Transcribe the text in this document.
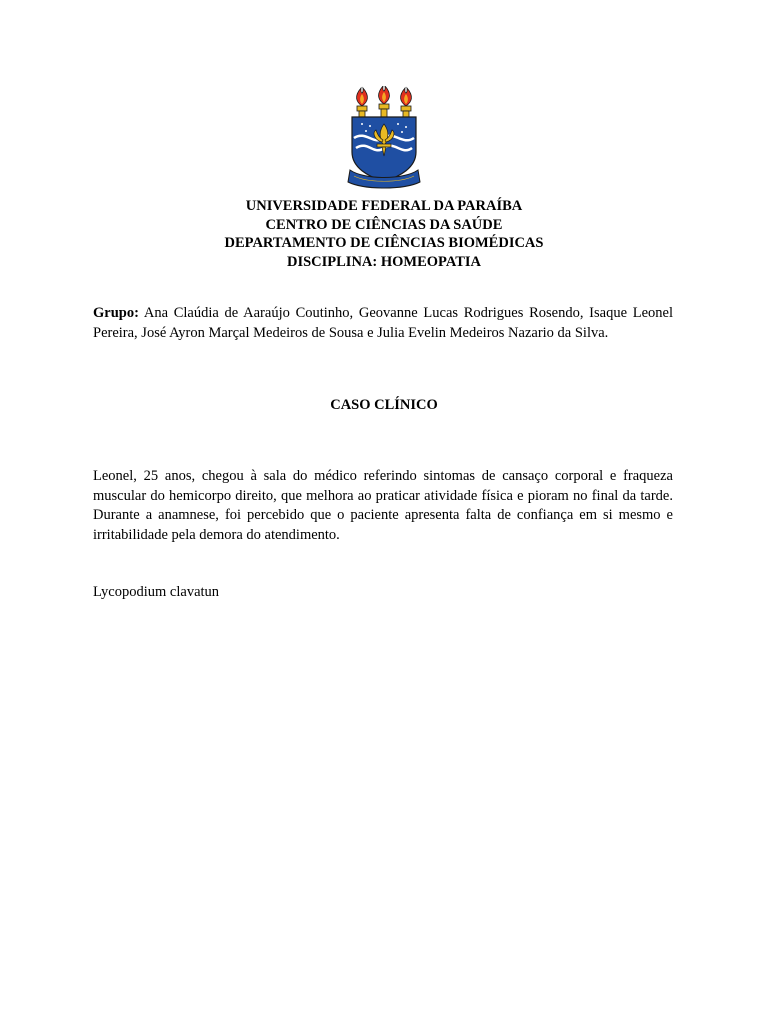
UNIVERSIDADE FEDERAL DA PARAÍBA
CENTRO DE CIÊNCIAS DA SAÚDE
DEPARTAMENTO DE CIÊNCIAS BIOMÉDICAS
DISCIPLINA: HOMEOPATIA
Grupo: Ana Claúdia de Aaraújo Coutinho, Geovanne Lucas Rodrigues Rosendo, Isaque Leonel Pereira, José Ayron Marçal Medeiros de Sousa e Julia Evelin Medeiros Nazario da Silva.
CASO CLÍNICO
Leonel, 25 anos, chegou à sala do médico referindo sintomas de cansaço corporal e fraqueza muscular do hemicorpo direito, que melhora ao praticar atividade física e pioram no final da tarde. Durante a anamnese, foi percebido que o paciente apresenta falta de confiança em si mesmo e irritabilidade pela demora do atendimento.
Lycopodium clavatun
